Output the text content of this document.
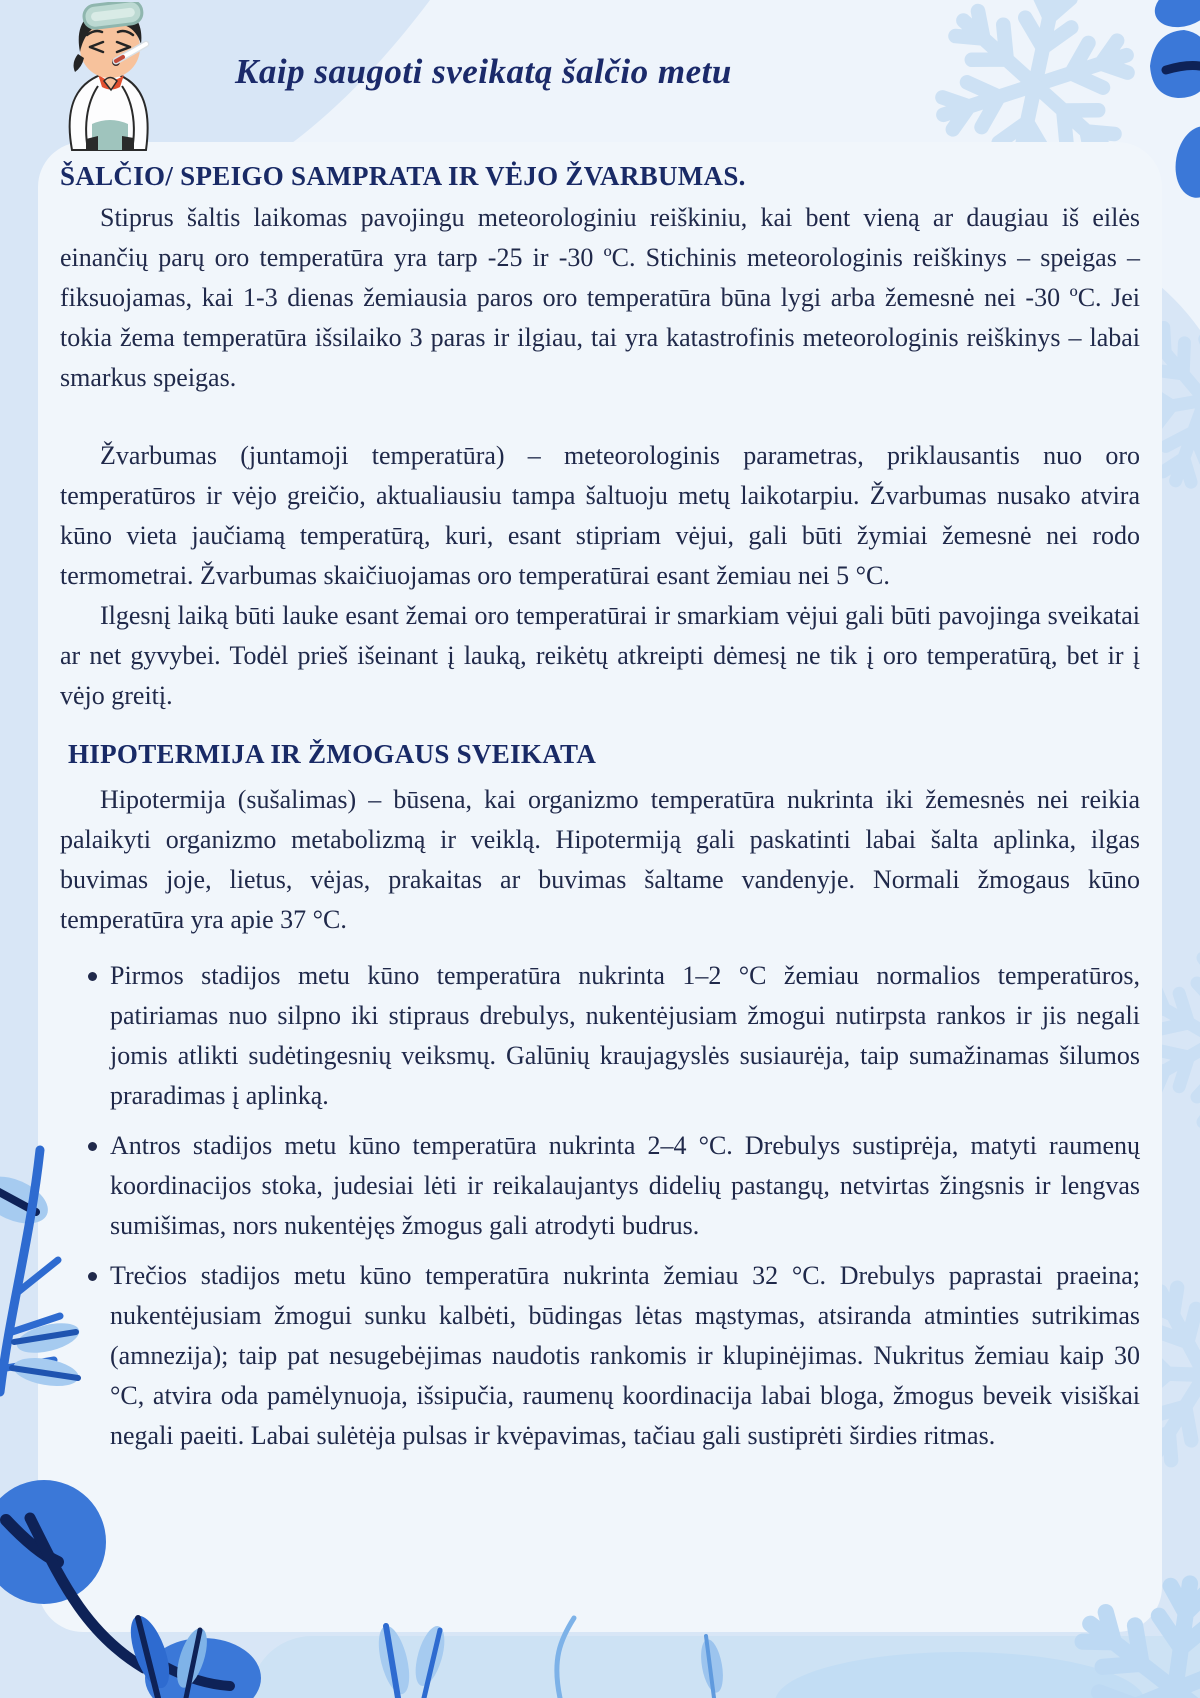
Kaip saugoti sveikatą šalčio metu
ŠALČIO/ SPEIGO SAMPRATA IR VĖJO ŽVARBUMAS.

Stiprus šaltis laikomas pavojingu meteorologiniu reiškiniu, kai bent vieną ar daugiau iš eilės einančių parų oro temperatūra yra tarp -25 ir -30 ºC. Stichinis meteorologinis reiškinys – speigas – fiksuojamas, kai 1-3 dienas žemiausia paros oro temperatūra būna lygi arba žemesnė nei -30 ºC. Jei tokia žema temperatūra išsilaiko 3 paras ir ilgiau, tai yra katastrofinis meteorologinis reiškinys – labai smarkus speigas.

Žvarbumas (juntamoji temperatūra) – meteorologinis parametras, priklausantis nuo oro temperatūros ir vėjo greičio, aktualiausiu tampa šaltuoju metų laikotarpiu. Žvarbumas nusako atvira kūno vieta jaučiamą temperatūrą, kuri, esant stipriam vėjui, gali būti žymiai žemesnė nei rodo termometrai. Žvarbumas skaičiuojamas oro temperatūrai esant žemiau nei 5 °C.

Ilgesnį laiką būti lauke esant žemai oro temperatūrai ir smarkiam vėjui gali būti pavojinga sveikatai ar net gyvybei. Todėl prieš išeinant į lauką, reikėtų atkreipti dėmesį ne tik į oro temperatūrą, bet ir į vėjo greitį.

HIPOTERMIJA IR ŽMOGAUS SVEIKATA

Hipotermija (sušalimas) – būsena, kai organizmo temperatūra nukrinta iki žemesnės nei reikia palaikyti organizmo metabolizmą ir veiklą. Hipotermiją gali paskatinti labai šalta aplinka, ilgas buvimas joje, lietus, vėjas, prakaitas ar buvimas šaltame vandenyje. Normali žmogaus kūno temperatūra yra apie 37 °C.

Pirmos stadijos metu kūno temperatūra nukrinta 1–2 °C žemiau normalios temperatūros, patiriamas nuo silpno iki stipraus drebulys, nukentėjusiam žmogui nutirpsta rankos ir jis negali jomis atlikti sudėtingesnių veiksmų. Galūnių kraujagyslės susiaurėja, taip sumažinamas šilumos praradimas į aplinką.
Antros stadijos metu kūno temperatūra nukrinta 2–4 °C. Drebulys sustiprėja, matyti raumenų koordinacijos stoka, judesiai lėti ir reikalaujantys didelių pastangų, netvirtas žingsnis ir lengvas sumišimas, nors nukentėjęs žmogus gali atrodyti budrus.
Trečios stadijos metu kūno temperatūra nukrinta žemiau 32 °C. Drebulys paprastai praeina; nukentėjusiam žmogui sunku kalbėti, būdingas lėtas mąstymas, atsiranda atminties sutrikimas (amnezija); taip pat nesugebėjimas naudotis rankomis ir klupinėjimas. Nukritus žemiau kaip 30 °C, atvira oda pamėlynuoja, išsipučia, raumenų koordinacija labai bloga, žmogus beveik visiškai negali paeiti. Labai sulėtėja pulsas ir kvėpavimas, tačiau gali sustiprėti širdies ritmas.
